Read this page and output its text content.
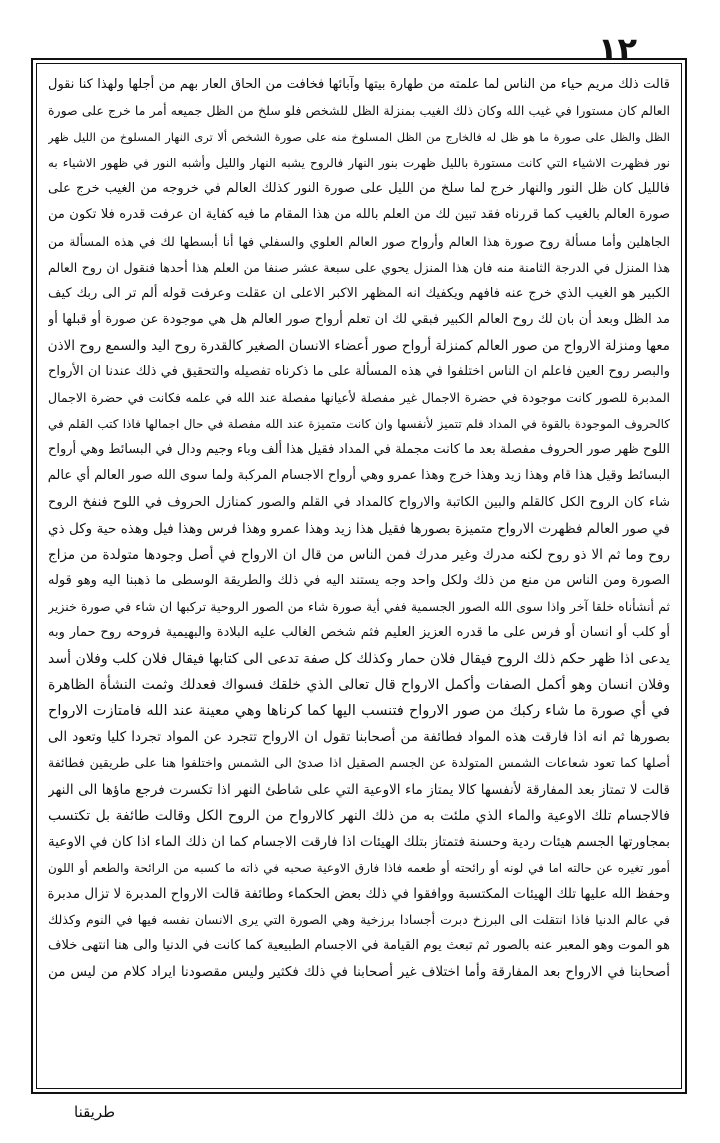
١٢
قالت ذلك مريم حياء من الناس لما علمته من طهارة بيتها وآبائها فخافت من الحاق العار بهم من أجلها ولهذا كنا نقول
العالم كان مستورا في غيب الله وكان ذلك الغيب بمنزلة الظل للشخص فلو سلخ من الظل جميعه أمر ما خرج على صورة
الظل والظل على صورة ما هو ظل له فالخارج من الظل المسلوخ منه على صورة الشخص ألا ترى النهار المسلوخ من الليل ظهر
نور فظهرت الاشياء التي كانت مستورة بالليل ظهرت بنور النهار فالروح يشبه النهار والليل وأشبه النور في ظهور الاشياء به
فالليل كان ظل النور والنهار خرج لما سلخ من الليل على صورة النور كذلك العالم في خروجه من الغيب خرج على
صورة العالم بالغيب كما قررناه فقد تبين لك من العلم بالله من هذا المقام ما فيه كفاية ان عرفت قدره فلا تكون من
الجاهلين وأما مسألة روح صورة هذا العالم وأرواح صور العالم العلوي والسفلي فها أنا أبسطها لك في هذه المسألة من
هذا المنزل في الدرجة الثامنة منه فان هذا المنزل يحوي على سبعة عشر صنفا من العلم هذا أحدها فنقول ان روح العالم
الكبير هو الغيب الذي خرج عنه فافهم ويكفيك انه المظهر الاكبر الاعلى ان عقلت وعرفت قوله ألم تر الى ربك كيف
مد الظل وبعد أن بان لك روح العالم الكبير فبقي لك ان تعلم أرواح صور العالم هل هي موجودة عن صورة أو قبلها أو
معها ومنزلة الارواح من صور العالم كمنزلة أرواح صور أعضاء الانسان الصغير كالقدرة روح اليد والسمع روح الاذن
والبصر روح العين فاعلم ان الناس اختلفوا في هذه المسألة على ما ذكرناه تفصيله والتحقيق في ذلك عندنا ان الأرواح
المدبرة للصور كانت موجودة في حضرة الاجمال غير مفصلة لأعيانها مفصلة عند الله في علمه فكانت في حضرة الاجمال
كالحروف الموجودة بالقوة في المداد فلم تتميز لأنفسها وان كانت متميزة عند الله مفصلة في حال اجمالها فاذا كتب القلم في
اللوح ظهر صور الحروف مفصلة بعد ما كانت مجملة في المداد فقيل هذا ألف وباء وجيم ودال في البسائط وهي أرواح
البسائط وقيل هذا قام وهذا زيد وهذا خرج وهذا عمرو وهي أرواح الاجسام المركبة ولما سوى الله صور العالم أي عالم
شاء كان الروح الكل كالقلم والبين الكاتبة والارواح كالمداد في القلم والصور كمنازل الحروف في اللوح فنفخ الروح
في صور العالم فظهرت الارواح متميزة بصورها فقيل هذا زيد وهذا عمرو وهذا فرس وهذا فيل وهذه حية وكل ذي
روح وما ثم الا ذو روح لكنه مدرك وغير مدرك فمن الناس من قال ان الارواح في أصل وجودها متولدة من مزاج
الصورة ومن الناس من منع من ذلك ولكل واحد وجه يستند اليه في ذلك والطريقة الوسطى ما ذهبنا اليه وهو قوله
ثم أنشأناه خلقا آخر واذا سوى الله الصور الجسمية ففي أية صورة شاء من الصور الروحية تركبها ان شاء في صورة خنزير
أو كلب أو انسان أو فرس على ما قدره العزيز العليم فثم شخص الغالب عليه البلادة والبهيمية فروحه روح حمار وبه
يدعى اذا ظهر حكم ذلك الروح فيقال فلان حمار وكذلك كل صفة تدعى الى كتابها فيقال فلان كلب وفلان أسد
وفلان انسان وهو أكمل الصفات وأكمل الارواح قال تعالى الذي خلقك فسواك فعدلك وثمت النشأة الظاهرة
في أي صورة ما شاء ركبك من صور الارواح فتنسب اليها كما كرناها وهي معينة عند الله فامتازت الارواح
بصورها ثم انه اذا فارقت هذه المواد فطائفة من أصحابنا تقول ان الارواح تتجرد عن المواد تجردا كليا وتعود الى
أصلها كما تعود شعاعات الشمس المتولدة عن الجسم الصقيل اذا صدئ الى الشمس واختلفوا هنا على طريقين فطائفة
قالت لا تمتاز بعد المفارقة لأنفسها كالا يمتاز ماء الاوعية التي على شاطئ النهر اذا تكسرت فرجع ماؤها الى النهر
فالاجسام تلك الاوعية والماء الذي ملئت به من ذلك النهر كالارواح من الروح الكل وقالت طائفة بل تكتسب
بمجاورتها الجسم هيئات ردية وحسنة فتمتاز بتلك الهيئات اذا فارقت الاجسام كما ان ذلك الماء اذا كان في الاوعية
أمور تغيره عن حالته اما في لونه أو رائحته أو طعمه فاذا فارق الاوعية صحبه في ذاته ما كسبه من الرائحة والطعم أو اللون
وحفظ الله عليها تلك الهيئات المكتسبة ووافقوا في ذلك بعض الحكماء وطائفة قالت الارواح المدبرة لا تزال مدبرة
في عالم الدنيا فاذا انتقلت الى البرزخ دبرت أجسادا برزخية وهي الصورة التي يرى الانسان نفسه فيها في النوم وكذلك
هو الموت وهو المعبر عنه بالصور ثم تبعث يوم القيامة في الاجسام الطبيعية كما كانت في الدنيا والى هنا انتهى خلاف
أصحابنا في الارواح بعد المفارقة وأما اختلاف غير أصحابنا في ذلك فكثير وليس مقصودنا ايراد كلام من ليس من
طريقنا
